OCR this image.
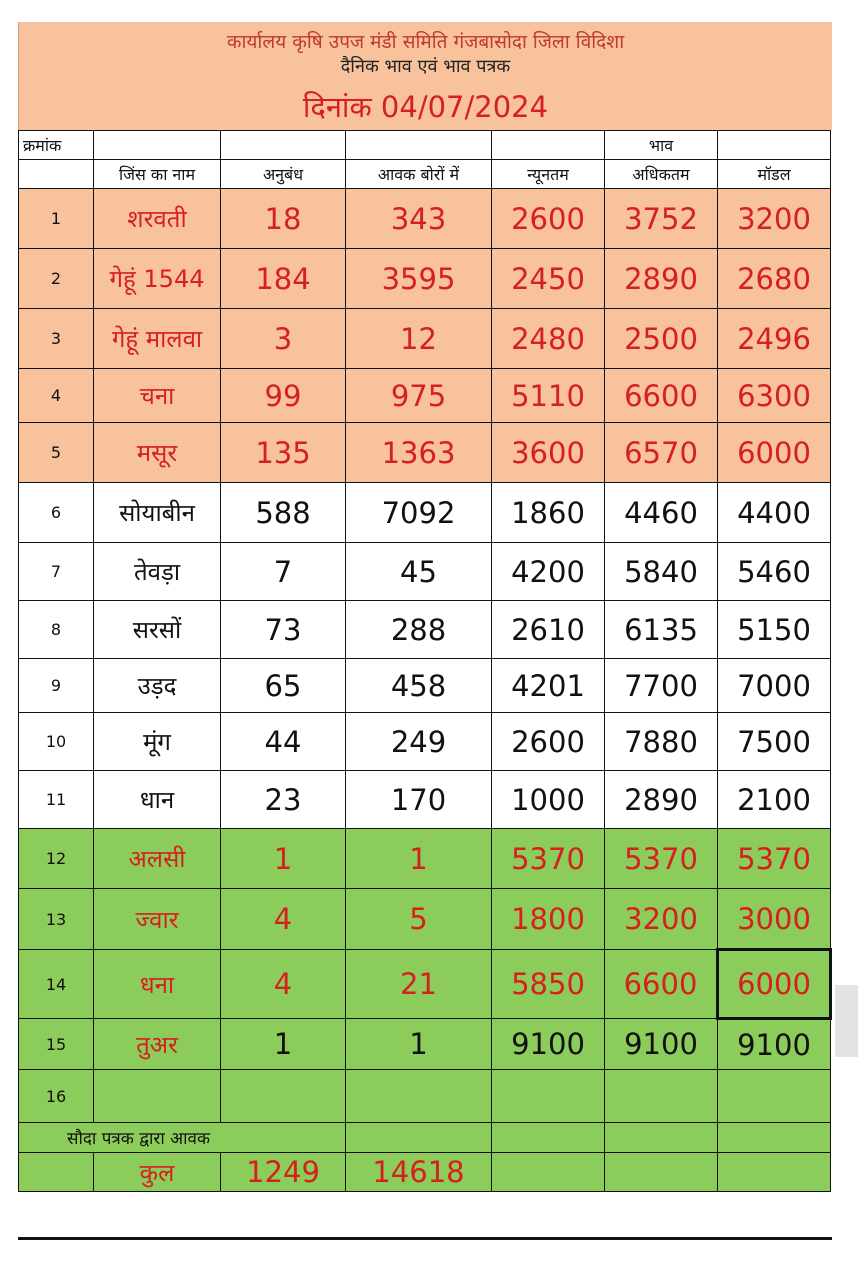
कार्यालय कृषि उपज मंडी समिति गंजबासोदा जिला विदिशा
दैनिक भाव एवं भाव पत्रक
दिनांक 04/07/2024
क्रमांक					भाव	
	जिंस का नाम	अनुबंध	आवक बोरों में	न्यूनतम	अधिकतम	मॉडल
1	शरवती	18	343	2600	3752	3200
2	गेहूं 1544	184	3595	2450	2890	2680
3	गेहूं मालवा	3	12	2480	2500	2496
4	चना	99	975	5110	6600	6300
5	मसूर	135	1363	3600	6570	6000
6	सोयाबीन	588	7092	1860	4460	4400
7	तेवड़ा	7	45	4200	5840	5460
8	सरसों	73	288	2610	6135	5150
9	उड़द	65	458	4201	7700	7000
10	मूंग	44	249	2600	7880	7500
11	धान	23	170	1000	2890	2100
12	अलसी	1	1	5370	5370	5370
13	ज्वार	4	5	1800	3200	3000
14	धना	4	21	5850	6600	6000
15	तुअर	1	1	9100	9100	9100
16						
सौदा पत्रक द्वारा आवक						
	कुल	1249	14618			
